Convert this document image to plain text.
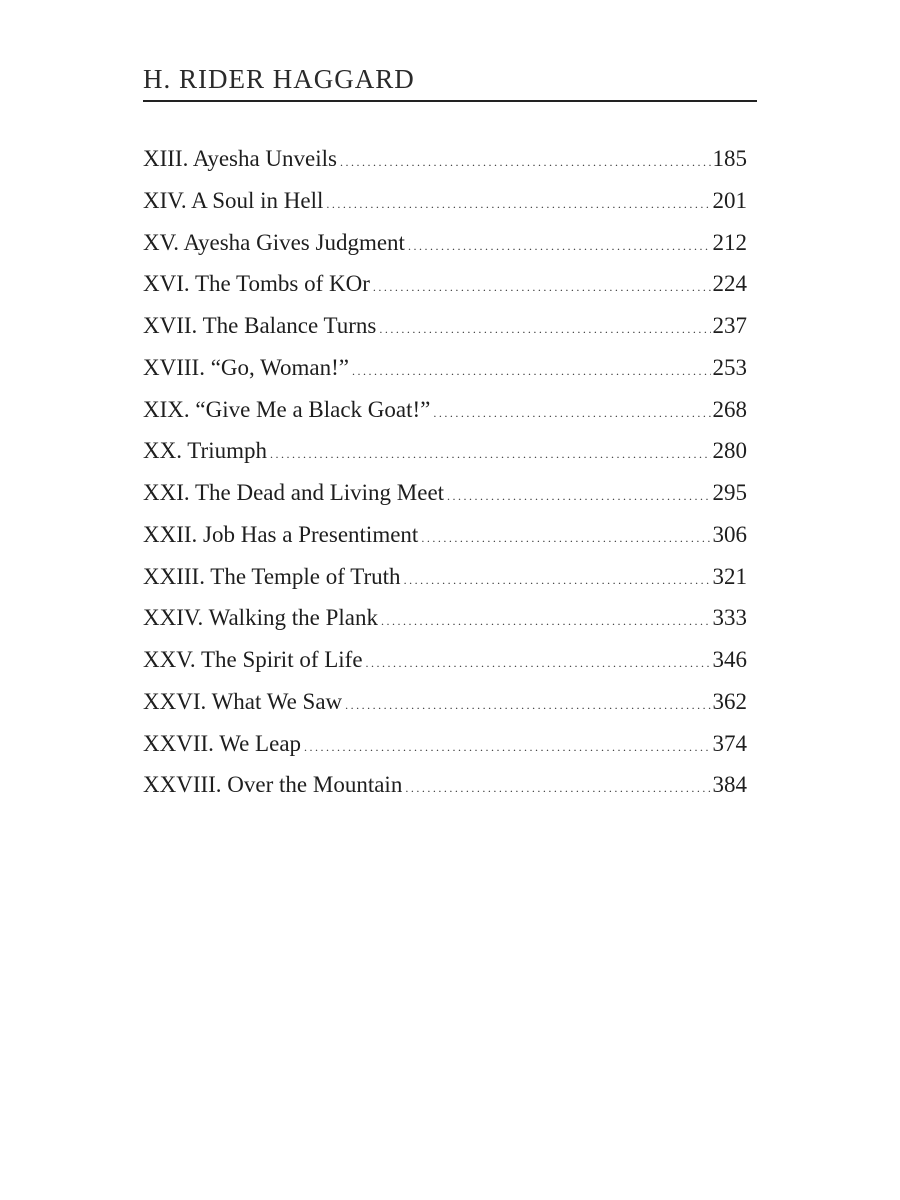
H. RIDER HAGGARD
XIII. Ayesha Unveils . . .	185
XIV. A Soul in Hell . . .	201
XV. Ayesha Gives Judgment . . .	212
XVI. The Tombs of KOr . . .	224
XVII. The Balance Turns . . .	237
XVIII. “Go, Woman!” . . .	253
XIX. “Give Me a Black Goat!” . . .	268
XX. Triumph . . .	280
XXI. The Dead and Living Meet . . .	295
XXII. Job Has a Presentiment . . .	306
XXIII. The Temple of Truth . . .	321
XXIV. Walking the Plank . . .	333
XXV. The Spirit of Life . . .	346
XXVI. What We Saw . . .	362
XXVII. We Leap . . .	374
XXVIII. Over the Mountain . . .	384
